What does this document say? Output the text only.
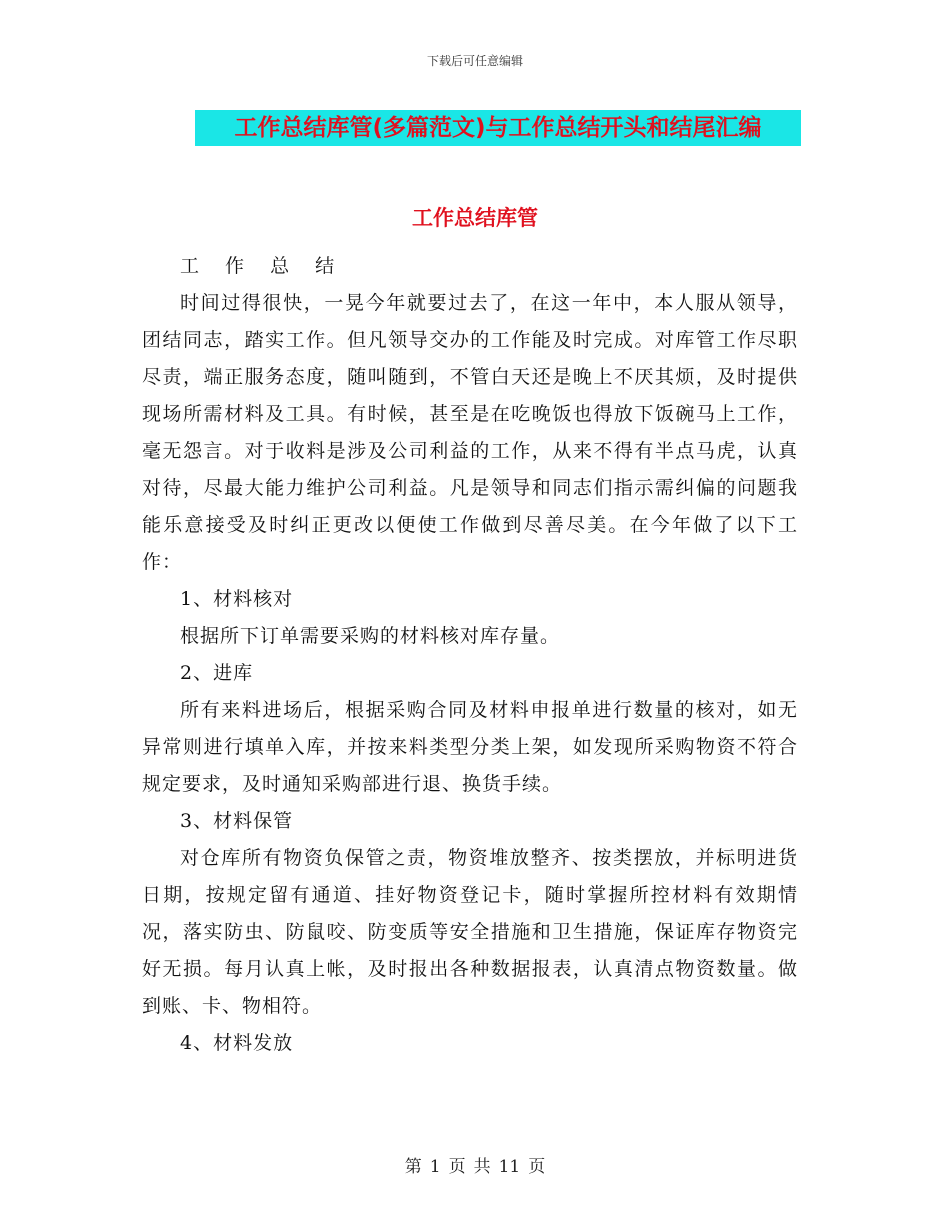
下载后可任意编辑
工作总结库管(多篇范文)与工作总结开头和结尾汇编
工作总结库管

工 作 总 结

时间过得很快，一晃今年就要过去了，在这一年中，本人服从领导，团结同志，踏实工作。但凡领导交办的工作能及时完成。对库管工作尽职尽责，端正服务态度，随叫随到，不管白天还是晚上不厌其烦，及时提供现场所需材料及工具。有时候，甚至是在吃晚饭也得放下饭碗马上工作，毫无怨言。对于收料是涉及公司利益的工作，从来不得有半点马虎，认真对待，尽最大能力维护公司利益。凡是领导和同志们指示需纠偏的问题我能乐意接受及时纠正更改以便使工作做到尽善尽美。在今年做了以下工作：

1、材料核对

根据所下订单需要采购的材料核对库存量。

2、进库

所有来料进场后，根据采购合同及材料申报单进行数量的核对，如无异常则进行填单入库，并按来料类型分类上架，如发现所采购物资不符合规定要求，及时通知采购部进行退、换货手续。

3、材料保管

对仓库所有物资负保管之责，物资堆放整齐、按类摆放，并标明进货日期，按规定留有通道、挂好物资登记卡，随时掌握所控材料有效期情况，落实防虫、防鼠咬、防变质等安全措施和卫生措施，保证库存物资完好无损。每月认真上帐，及时报出各种数据报表，认真清点物资数量。做到账、卡、物相符。

4、材料发放

第 1 页 共 11 页
